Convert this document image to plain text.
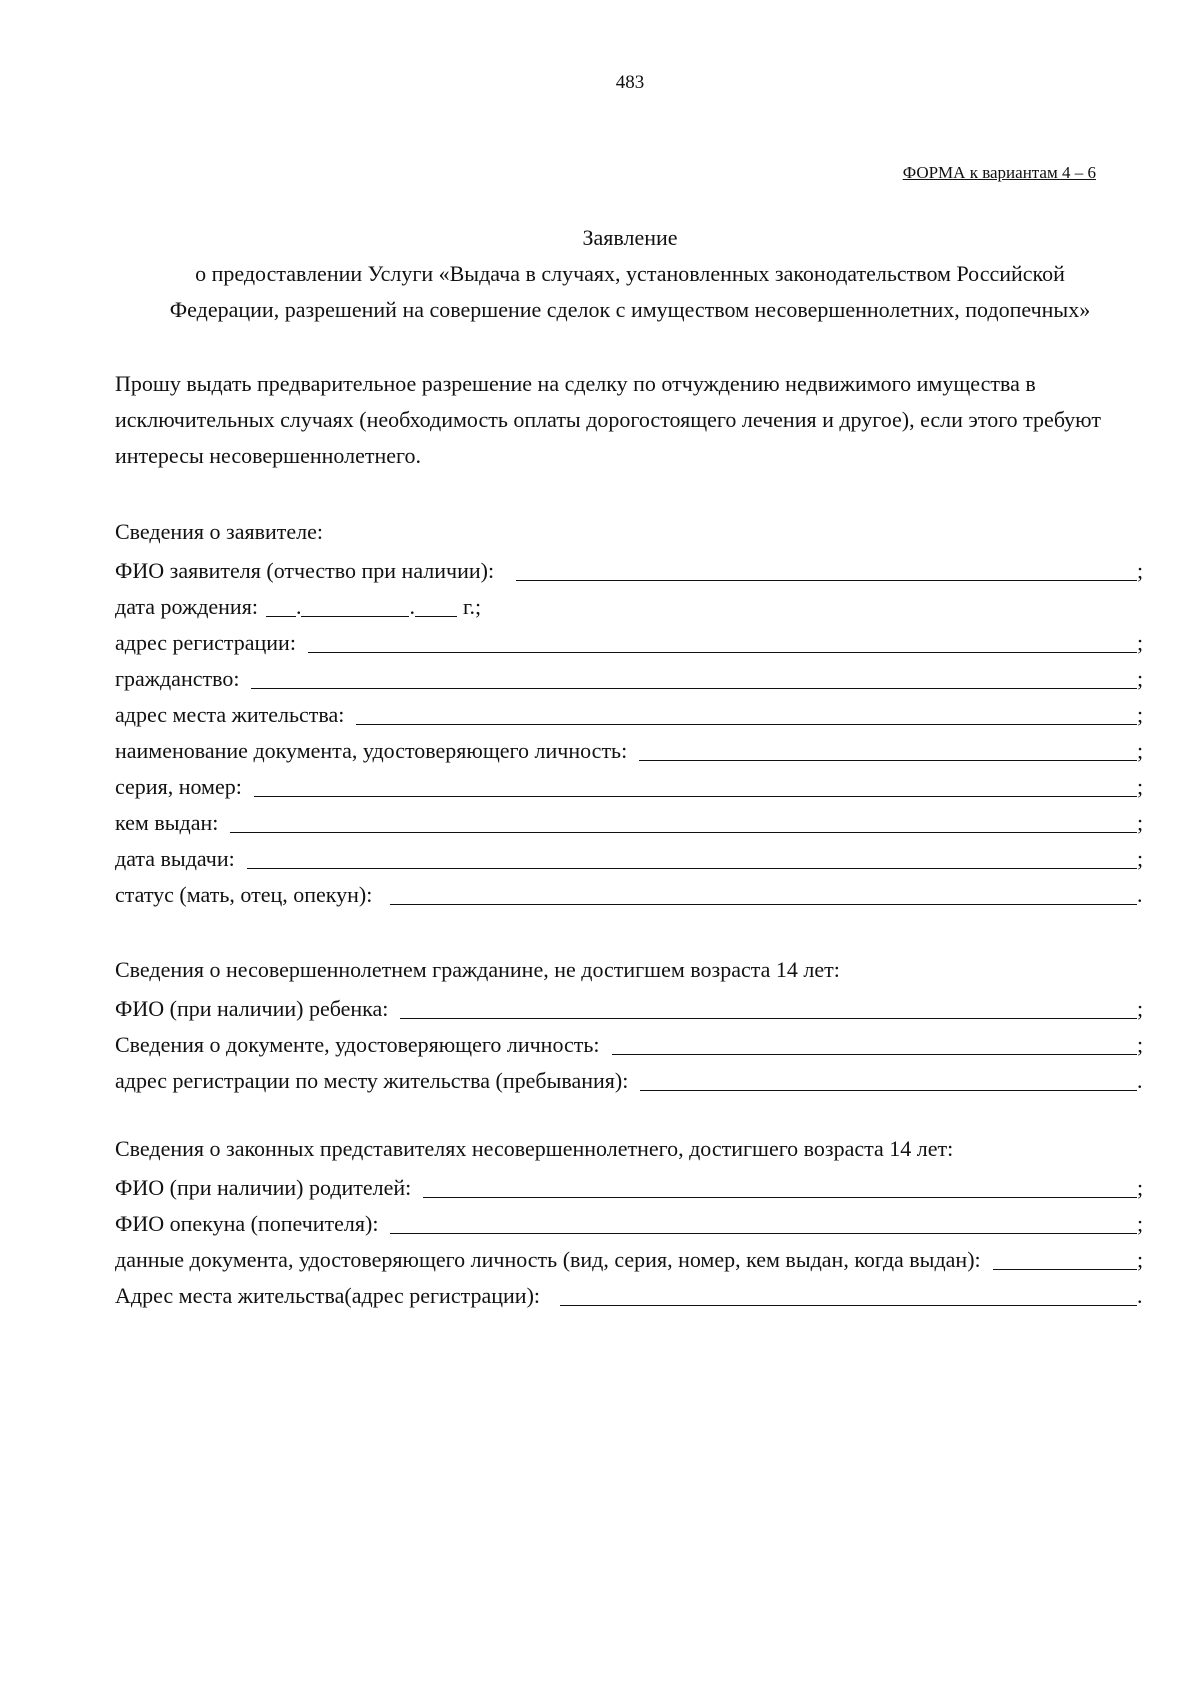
483
ФОРМА к вариантам 4 – 6
Заявление
о предоставлении Услуги «Выдача в случаях, установленных законодательством Российской
Федерации, разрешений на совершение сделок с имуществом несовершеннолетних, подопечных»
Прошу выдать предварительное разрешение на сделку по отчуждению недвижимого имущества в исключительных случаях (необходимость оплаты дорогостоящего лечения и другое), если этого требуют интересы несовершеннолетнего.
Сведения о заявителе:
ФИО заявителя (отчество при наличии):	;
дата рождения: .	. г.;
адрес регистрации:	;
гражданство:	;
адрес места жительства:	;
наименование документа, удостоверяющего личность:	;
серия, номер:	;
кем выдан:	;
дата выдачи:	;
статус (мать, отец, опекун):	.
Сведения о несовершеннолетнем гражданине, не достигшем возраста 14 лет:
ФИО (при наличии) ребенка:	;
Сведения о документе, удостоверяющего личность:	;
адрес регистрации по месту жительства (пребывания):	.
Сведения о законных представителях несовершеннолетнего, достигшего возраста 14 лет:
ФИО (при наличии) родителей:	;
ФИО опекуна (попечителя):	;
данные документа, удостоверяющего личность (вид, серия, номер, кем выдан, когда выдан):	;
Адрес места жительства(адрес регистрации):	.
